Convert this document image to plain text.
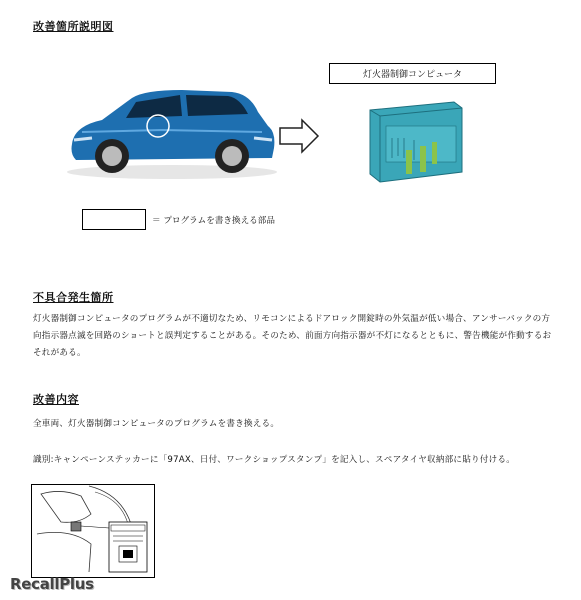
改善箇所説明図
灯火器制御コンピュータ
＝ プログラムを書き換える部品
不具合発生箇所
灯火器制御コンピュータのプログラムが不適切なため、リモコンによるドアロック開錠時の外気温が低い場合、アンサーバックの方向指示器点滅を回路のショートと誤判定することがある。そのため、前面方向指示器が不灯になるとともに、警告機能が作動するおそれがある。
改善内容
全車両、灯火器制御コンピュータのプログラムを書き換える。
識別:キャンペーンステッカーに「97AX、日付、ワークショップスタンプ」を記入し、スペアタイヤ収納部に貼り付ける。
RecallPlus
